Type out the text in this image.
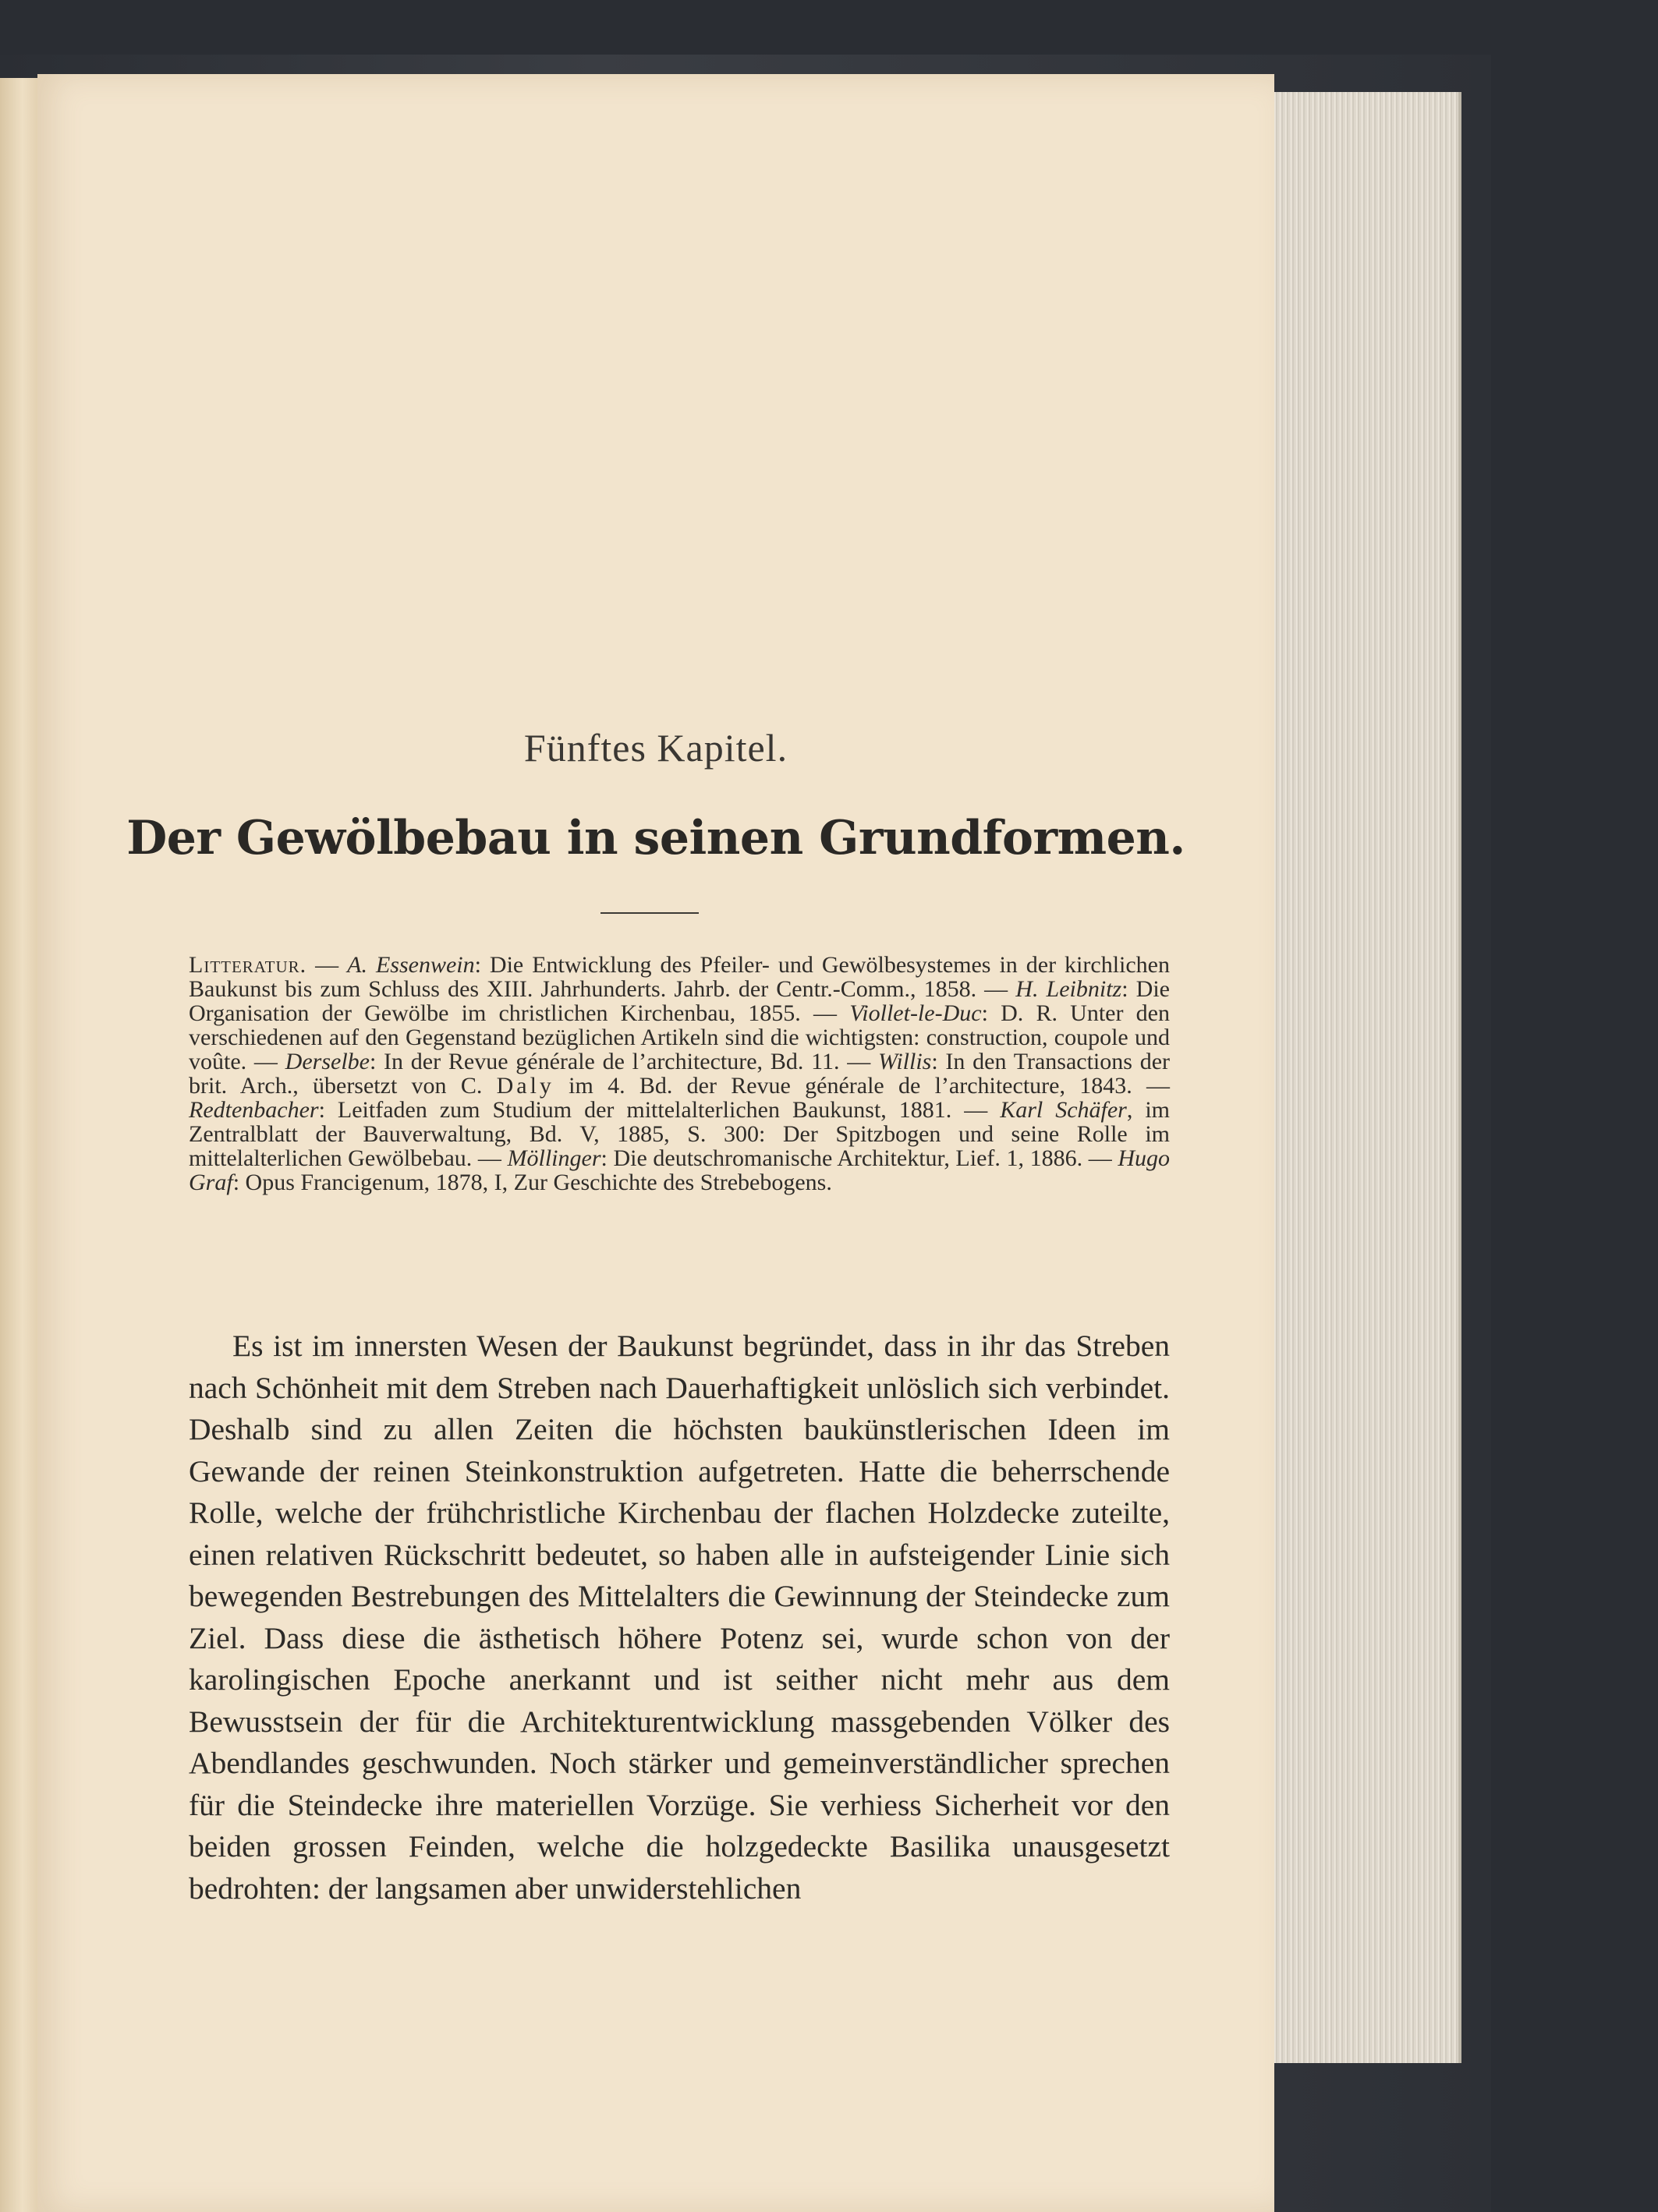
Fünftes Kapitel.
Der Gewölbebau in seinen Grundformen.
Litteratur. — A. Essenwein: Die Entwicklung des Pfeiler- und Gewölbesystemes in der kirchlichen Baukunst bis zum Schluss des XIII. Jahrhunderts. Jahrb. der Centr.-Comm., 1858. — H. Leibnitz: Die Organisation der Gewölbe im christlichen Kirchenbau, 1855. — Viollet-le-Duc: D. R. Unter den verschiedenen auf den Gegenstand bezüglichen Artikeln sind die wichtigsten: construction, coupole und voûte. — Derselbe: In der Revue générale de l’architecture, Bd. 11. — Willis: In den Transactions der brit. Arch., übersetzt von C. Daly im 4. Bd. der Revue générale de l’architecture, 1843. — Redtenbacher: Leitfaden zum Studium der mittelalterlichen Baukunst, 1881. — Karl Schäfer, im Zentralblatt der Bauverwaltung, Bd. V, 1885, S. 300: Der Spitzbogen und seine Rolle im mittelalterlichen Gewölbebau. — Möllinger: Die deutschromanische Architektur, Lief. 1, 1886. — Hugo Graf: Opus Francigenum, 1878, I, Zur Geschichte des Strebebogens.
Es ist im innersten Wesen der Baukunst begründet, dass in ihr das Streben nach Schönheit mit dem Streben nach Dauerhaftigkeit unlöslich sich verbindet. Deshalb sind zu allen Zeiten die höchsten baukünstlerischen Ideen im Gewande der reinen Steinkonstruktion aufgetreten. Hatte die beherrschende Rolle, welche der frühchristliche Kirchenbau der flachen Holzdecke zuteilte, einen relativen Rückschritt bedeutet, so haben alle in aufsteigender Linie sich bewegenden Bestrebungen des Mittelalters die Gewinnung der Steindecke zum Ziel. Dass diese die ästhetisch höhere Potenz sei, wurde schon von der karolingischen Epoche anerkannt und ist seither nicht mehr aus dem Bewusstsein der für die Architekturentwicklung massgebenden Völker des Abendlandes geschwunden. Noch stärker und gemeinverständlicher sprechen für die Steindecke ihre materiellen Vorzüge. Sie verhiess Sicherheit vor den beiden grossen Feinden, welche die holzgedeckte Basilika unausgesetzt bedrohten: der langsamen aber unwiderstehlichen
